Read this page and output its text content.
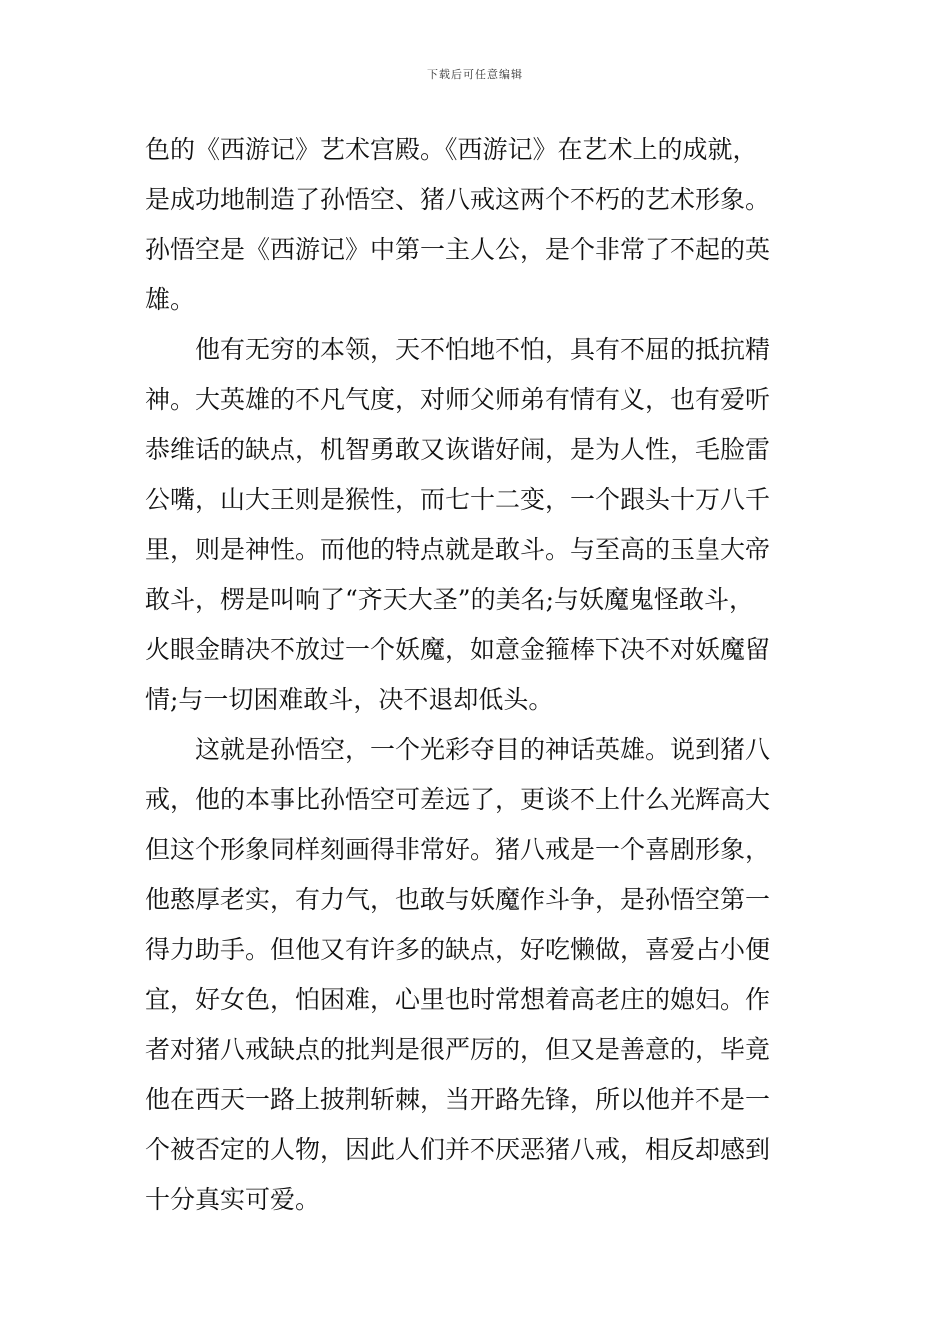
下载后可任意编辑
色的《西游记》艺术宫殿。《西游记》在艺术上的成就，
是成功地制造了孙悟空、猪八戒这两个不朽的艺术形象。
孙悟空是《西游记》中第一主人公，是个非常了不起的英
雄。
　　他有无穷的本领，天不怕地不怕，具有不屈的抵抗精
神。大英雄的不凡气度，对师父师弟有情有义，也有爱听
恭维话的缺点，机智勇敢又诙谐好闹，是为人性，毛脸雷
公嘴，山大王则是猴性，而七十二变，一个跟头十万八千
里，则是神性。而他的特点就是敢斗。与至高的玉皇大帝
敢斗，楞是叫响了“齐天大圣”的美名;与妖魔鬼怪敢斗，
火眼金睛决不放过一个妖魔，如意金箍棒下决不对妖魔留
情;与一切困难敢斗，决不退却低头。
　　这就是孙悟空，一个光彩夺目的神话英雄。说到猪八
戒，他的本事比孙悟空可差远了，更谈不上什么光辉高大
但这个形象同样刻画得非常好。猪八戒是一个喜剧形象，
他憨厚老实，有力气，也敢与妖魔作斗争，是孙悟空第一
得力助手。但他又有许多的缺点，好吃懒做，喜爱占小便
宜，好女色，怕困难，心里也时常想着高老庄的媳妇。作
者对猪八戒缺点的批判是很严厉的，但又是善意的，毕竟
他在西天一路上披荆斩棘，当开路先锋，所以他并不是一
个被否定的人物，因此人们并不厌恶猪八戒，相反却感到
十分真实可爱。
